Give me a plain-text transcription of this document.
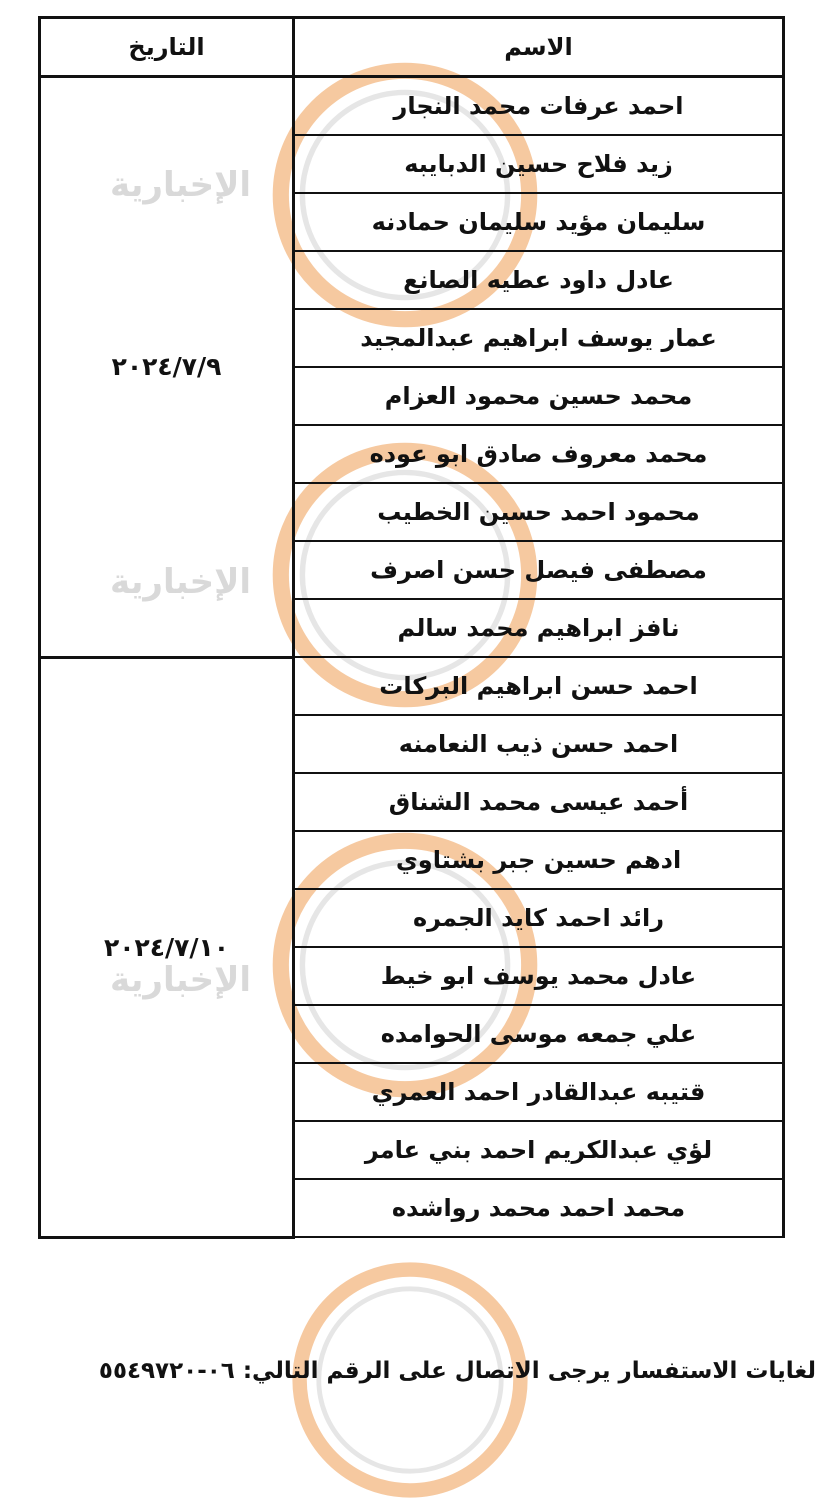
الإخبارية
الإخبارية
الإخبارية
الاسم	التاريخ
احمد عرفات محمد النجار	٢٠٢٤/٧/٩
زيد فلاح حسين الدبايبه	
سليمان مؤيد سليمان حمادنه	
عادل داود عطيه الصانع	
عمار يوسف ابراهيم عبدالمجيد	
محمد حسين محمود العزام	
محمد معروف صادق ابو عوده	
محمود احمد حسين الخطيب	
مصطفى فيصل حسن اصرف	
نافز ابراهيم محمد سالم	
احمد حسن ابراهيم البركات	٢٠٢٤/٧/١٠
احمد حسن ذيب النعامنه	
أحمد عيسى محمد الشناق	
ادهم حسين جبر بشتاوي	
رائد احمد كايد الجمره	
عادل محمد يوسف ابو خيط	
علي جمعه موسى الحوامده	
قتيبه عبدالقادر احمد العمري	
لؤي عبدالكريم احمد بني عامر	
محمد احمد محمد رواشده	
لغايات الاستفسار يرجى الاتصال على الرقم التالي: ٠٦-٥٥٤٩٧٢٠
